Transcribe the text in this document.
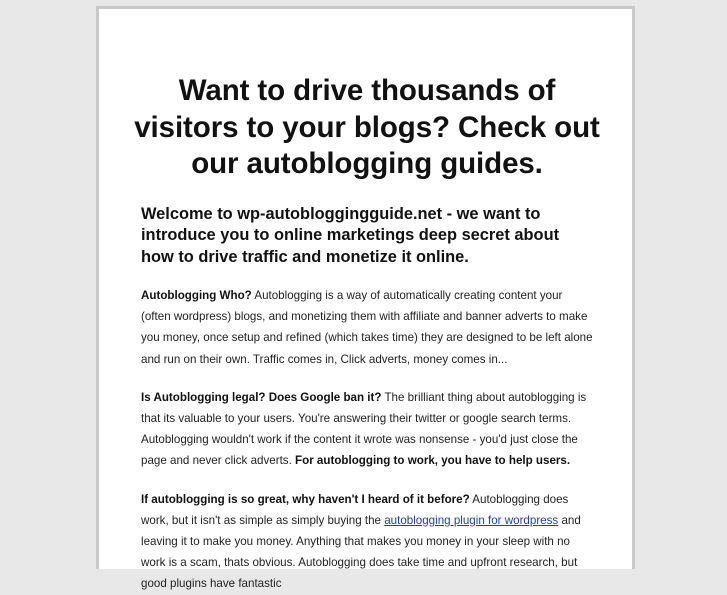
Want to drive thousands of visitors to your blogs? Check out our autoblogging guides.
Welcome to wp-autobloggingguide.net - we want to introduce you to online marketings deep secret about how to drive traffic and monetize it online.
Autoblogging Who? Autoblogging is a way of automatically creating content your (often wordpress) blogs, and monetizing them with affiliate and banner adverts to make you money, once setup and refined (which takes time) they are designed to be left alone and run on their own. Traffic comes in, Click adverts, money comes in...
Is Autoblogging legal? Does Google ban it? The brilliant thing about autoblogging is that its valuable to your users. You're answering their twitter or google search terms. Autoblogging wouldn't work if the content it wrote was nonsense - you'd just close the page and never click adverts. For autoblogging to work, you have to help users.
If autoblogging is so great, why haven't I heard of it before? Autoblogging does work, but it isn't as simple as simply buying the autoblogging plugin for wordpress and leaving it to make you money. Anything that makes you money in your sleep with no work is a scam, thats obvious. Autoblogging does take time and upfront research, but good plugins have fantastic
